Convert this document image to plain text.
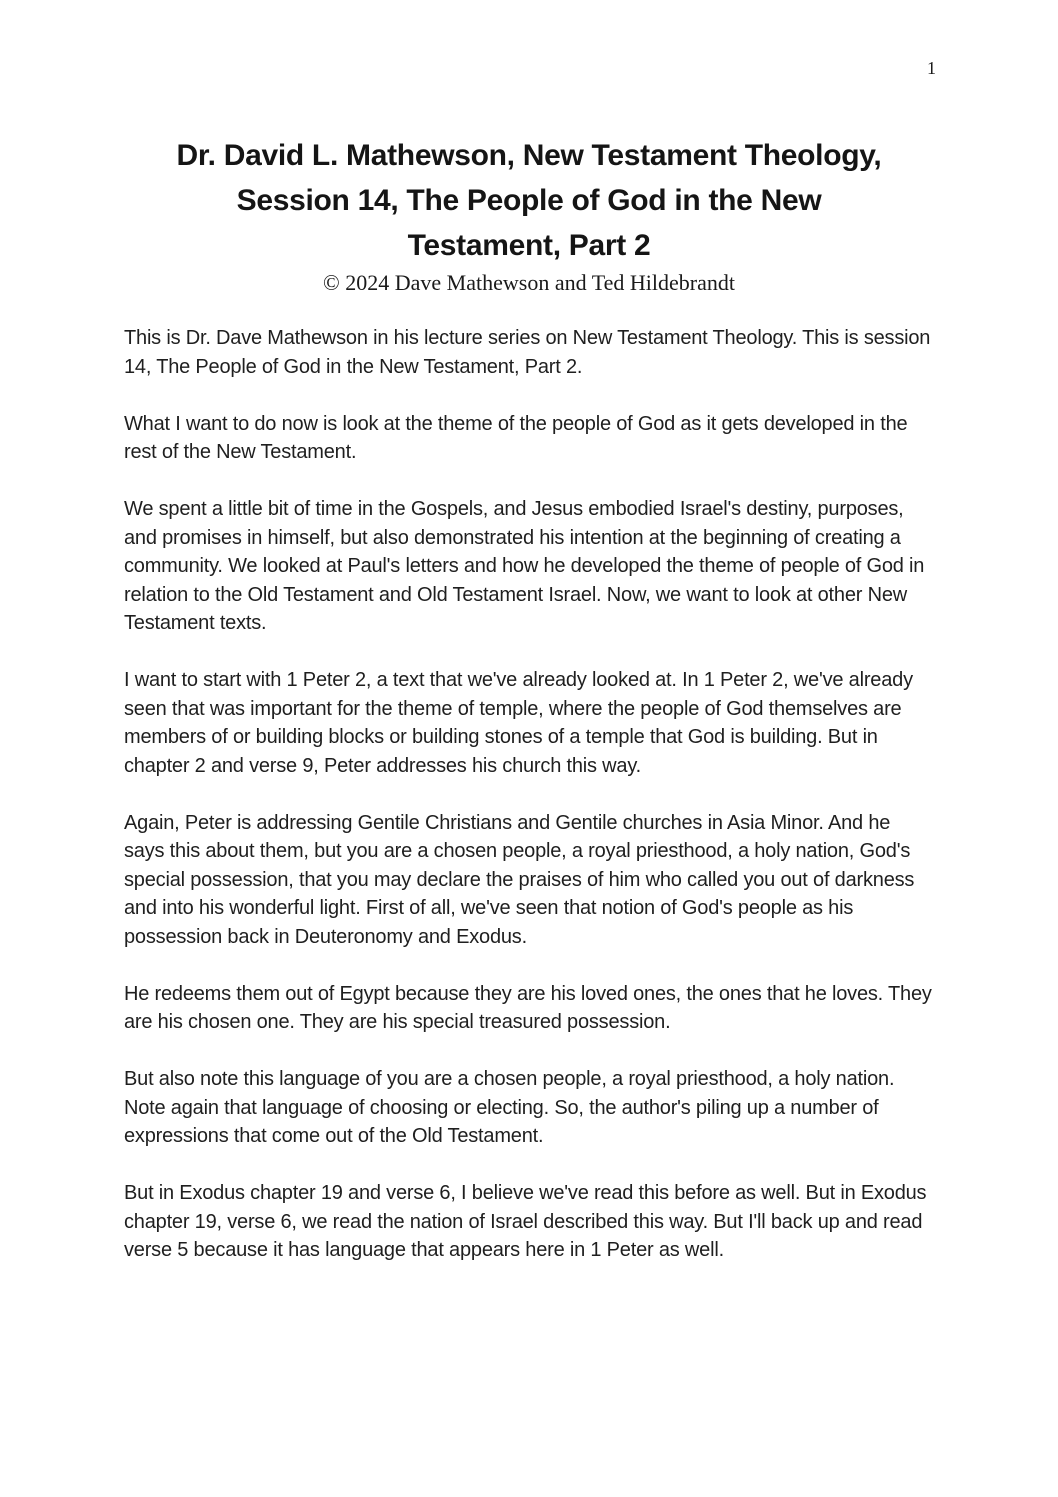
1
Dr. David L. Mathewson, New Testament Theology,
Session 14, The People of God in the New
Testament, Part 2
© 2024 Dave Mathewson and Ted Hildebrandt

This is Dr. Dave Mathewson in his lecture series on New Testament Theology. This is session 14, The People of God in the New Testament, Part 2.

What I want to do now is look at the theme of the people of God as it gets developed in the rest of the New Testament.

We spent a little bit of time in the Gospels, and Jesus embodied Israel's destiny, purposes, and promises in himself, but also demonstrated his intention at the beginning of creating a community. We looked at Paul's letters and how he developed the theme of people of God in relation to the Old Testament and Old Testament Israel. Now, we want to look at other New Testament texts.

I want to start with 1 Peter 2, a text that we've already looked at. In 1 Peter 2, we've already seen that was important for the theme of temple, where the people of God themselves are members of or building blocks or building stones of a temple that God is building. But in chapter 2 and verse 9, Peter addresses his church this way.

Again, Peter is addressing Gentile Christians and Gentile churches in Asia Minor. And he says this about them, but you are a chosen people, a royal priesthood, a holy nation, God's special possession, that you may declare the praises of him who called you out of darkness and into his wonderful light. First of all, we've seen that notion of God's people as his possession back in Deuteronomy and Exodus.

He redeems them out of Egypt because they are his loved ones, the ones that he loves. They are his chosen one. They are his special treasured possession.

But also note this language of you are a chosen people, a royal priesthood, a holy nation. Note again that language of choosing or electing. So, the author's piling up a number of expressions that come out of the Old Testament.

But in Exodus chapter 19 and verse 6, I believe we've read this before as well. But in Exodus chapter 19, verse 6, we read the nation of Israel described this way. But I'll back up and read verse 5 because it has language that appears here in 1 Peter as well.
